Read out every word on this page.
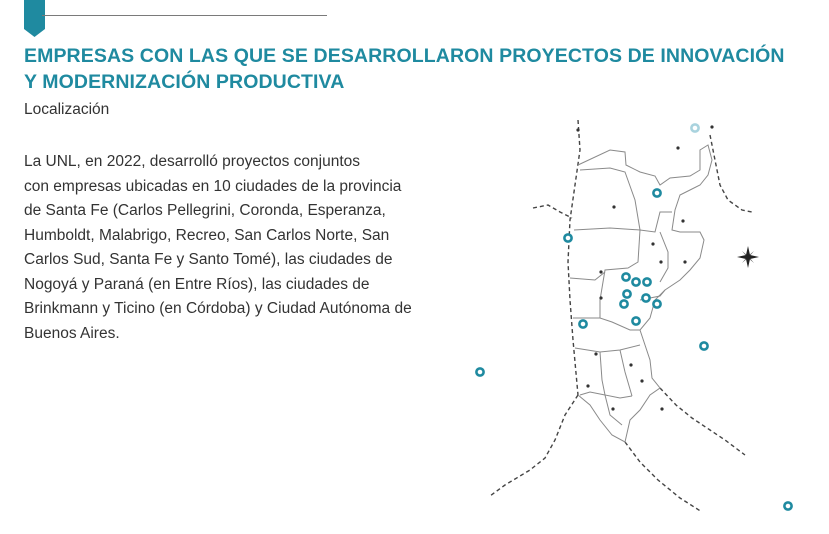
EMPRESAS CON LAS QUE SE DESARROLLARON PROYECTOS DE INNOVACIÓN
Y MODERNIZACIÓN PRODUCTIVA

Localización

La UNL, en 2022, desarrolló proyectos conjuntos
con empresas ubicadas en 10 ciudades de la provincia
de Santa Fe (Carlos Pellegrini, Coronda, Esperanza,
Humboldt, Malabrigo, Recreo, San Carlos Norte, San
Carlos Sud, Santa Fe y Santo Tomé), las ciudades de
Nogoyá y Paraná (en Entre Ríos), las ciudades de
Brinkmann y Ticino (en Córdoba) y Ciudad Autónoma de
Buenos Aires.
